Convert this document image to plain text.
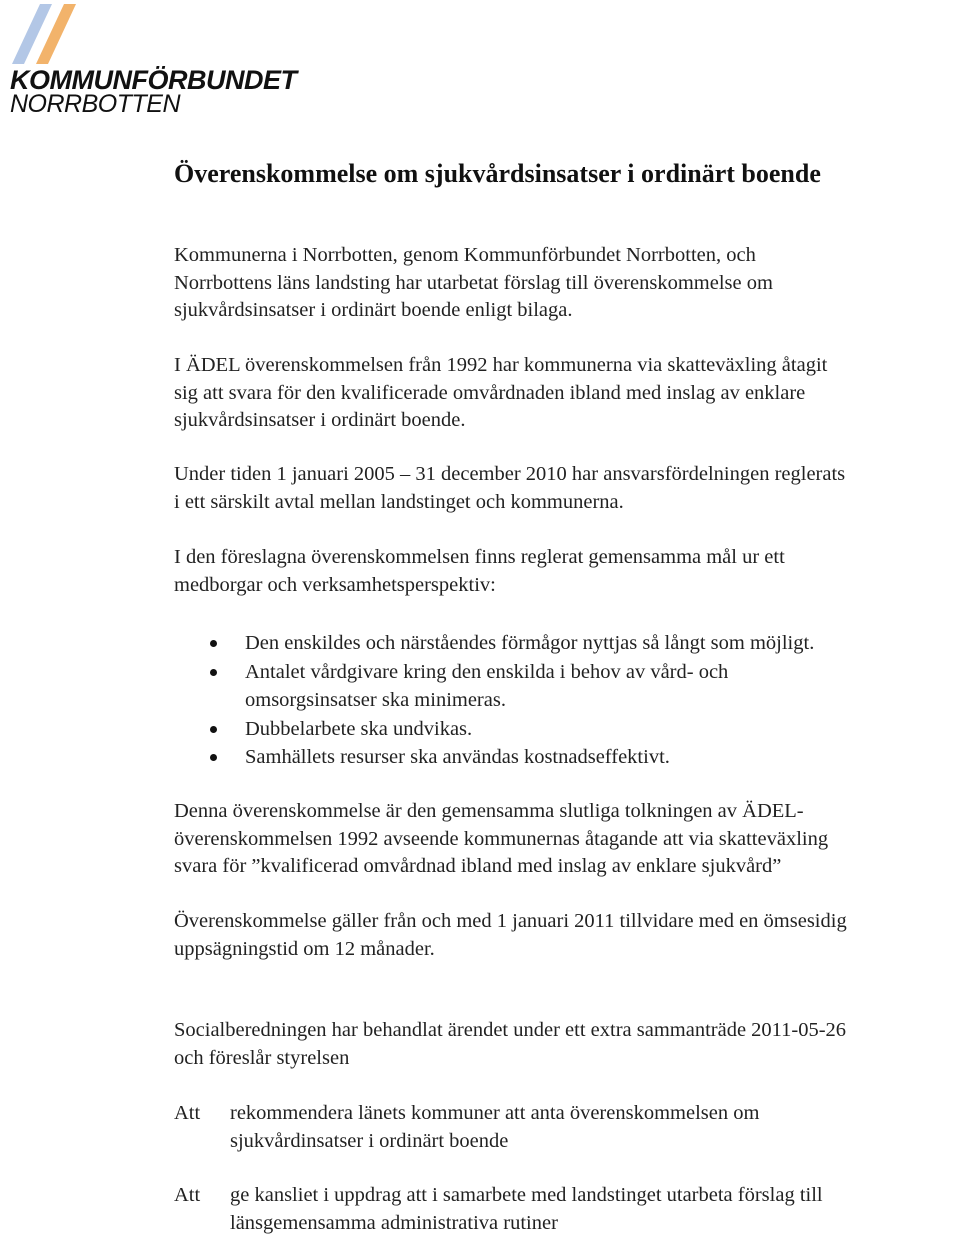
KOMMUNFÖRBUNDET
NORRBOTTEN
Överenskommelse om sjukvårdsinsatser i ordinärt boende

Kommunerna i Norrbotten, genom Kommunförbundet Norrbotten, och
Norrbottens läns landsting har utarbetat förslag till överenskommelse om
sjukvårdsinsatser i ordinärt boende enligt bilaga.

I ÄDEL överenskommelsen från 1992 har kommunerna via skatteväxling åtagit
sig att svara för den kvalificerade omvårdnaden ibland med inslag av enklare
sjukvårdsinsatser i ordinärt boende.

Under tiden 1 januari 2005 – 31 december 2010 har ansvarsfördelningen reglerats
i ett särskilt avtal mellan landstinget och kommunerna.

I den föreslagna överenskommelsen finns reglerat gemensamma mål ur ett
medborgar och verksamhetsperspektiv:

Den enskildes och närståendes förmågor nyttjas så långt som möjligt.
Antalet vårdgivare kring den enskilda i behov av vård- och
omsorgsinsatser ska minimeras.
Dubbelarbete ska undvikas.
Samhällets resurser ska användas kostnadseffektivt.

Denna överenskommelse är den gemensamma slutliga tolkningen av ÄDEL-
överenskommelsen 1992 avseende kommunernas åtagande att via skatteväxling
svara för ”kvalificerad omvårdnad ibland med inslag av enklare sjukvård”

Överenskommelse gäller från och med 1 januari 2011 tillvidare med en ömsesidig
uppsägningstid om 12 månader.

Socialberedningen har behandlat ärendet under ett extra sammanträde 2011-05-26
och föreslår styrelsen

Att rekommendera länets kommuner att anta överenskommelsen om
sjukvårdinsatser i ordinärt boende
Att ge kansliet i uppdrag att i samarbete med landstinget utarbeta förslag till
länsgemensamma administrativa rutiner
